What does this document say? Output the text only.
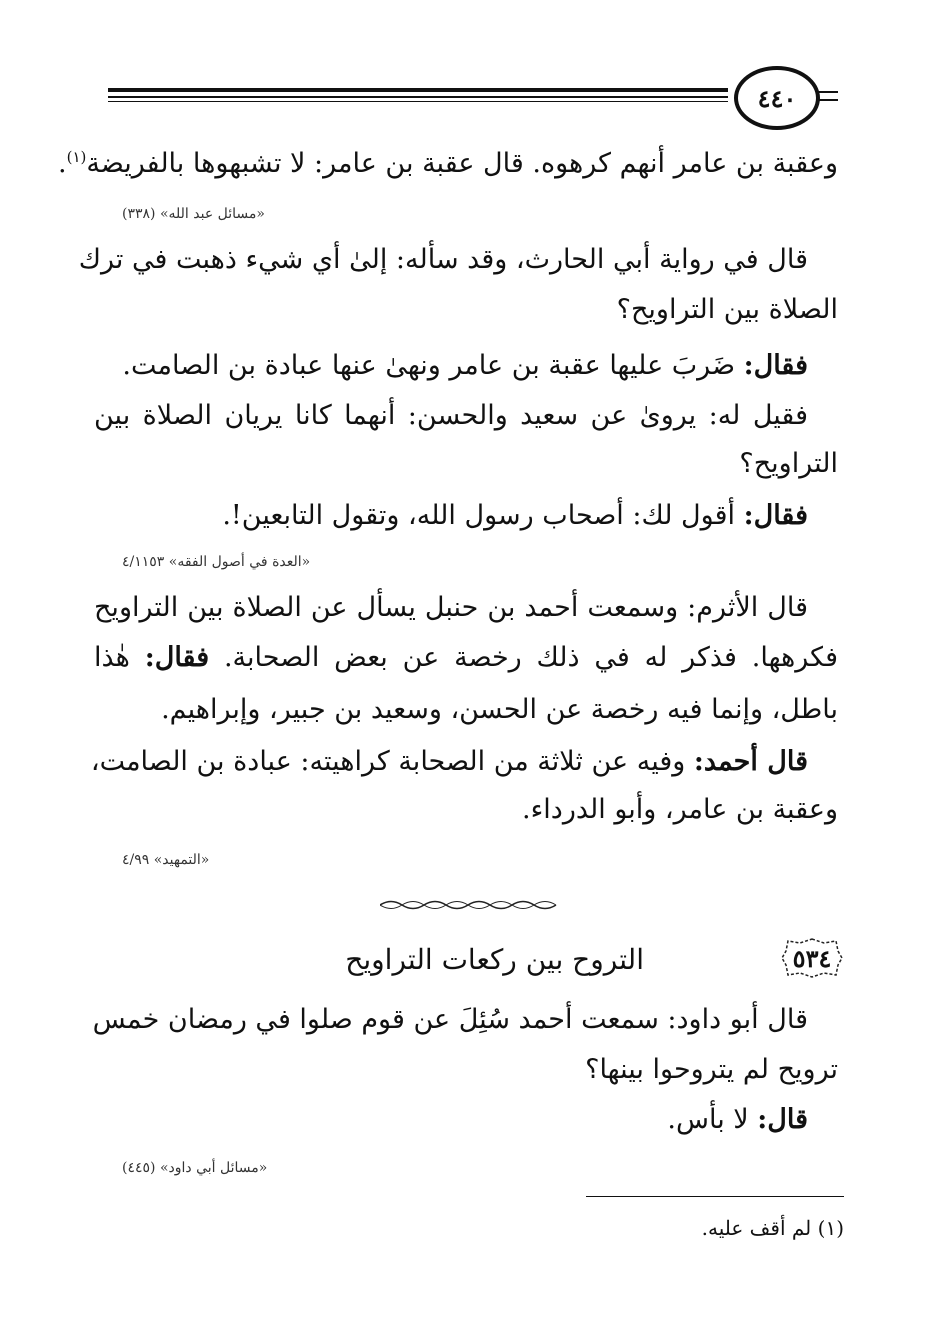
٤٤٠
وعقبة بن عامر أنهم كرهوه. قال عقبة بن عامر: لا تشبهوها بالفريضة$^{(١)}$.
«مسائل عبد الله» (٣٣٨)
قال في رواية أبي الحارث، وقد سأله: إلىٰ أي شيء ذهبت في ترك
الصلاة بين التراويح؟
فقال: ضَربَ عليها عقبة بن عامر ونهىٰ عنها عبادة بن الصامت.
فقيل له: يرویٰ عن سعيد والحسن: أنهما كانا يريان الصلاة بين
التراويح؟
فقال: أقول لك: أصحاب رسول الله، وتقول التابعين!.
«العدة في أصول الفقه» ٤/١١٥٣
قال الأثرم: وسمعت أحمد بن حنبل يسأل عن الصلاة بين التراويح
فكرهها. فذكر له في ذلك رخصة عن بعض الصحابة. فقال: هٰذا
باطل، وإنما فيه رخصة عن الحسن، وسعيد بن جبير، وإبراهيم.
قال أحمد: وفيه عن ثلاثة من الصحابة كراهيته: عبادة بن الصامت،
وعقبة بن عامر، وأبو الدرداء.
«التمهيد» ٤/٩٩
٥٣٤
التروح بين ركعات التراويح
قال أبو داود: سمعت أحمد سُئِلَ عن قوم صلوا في رمضان خمس
ترويح لم يتروحوا بينها؟
قال: لا بأس.
«مسائل أبي داود» (٤٤٥)
(١) لم أقف عليه.
